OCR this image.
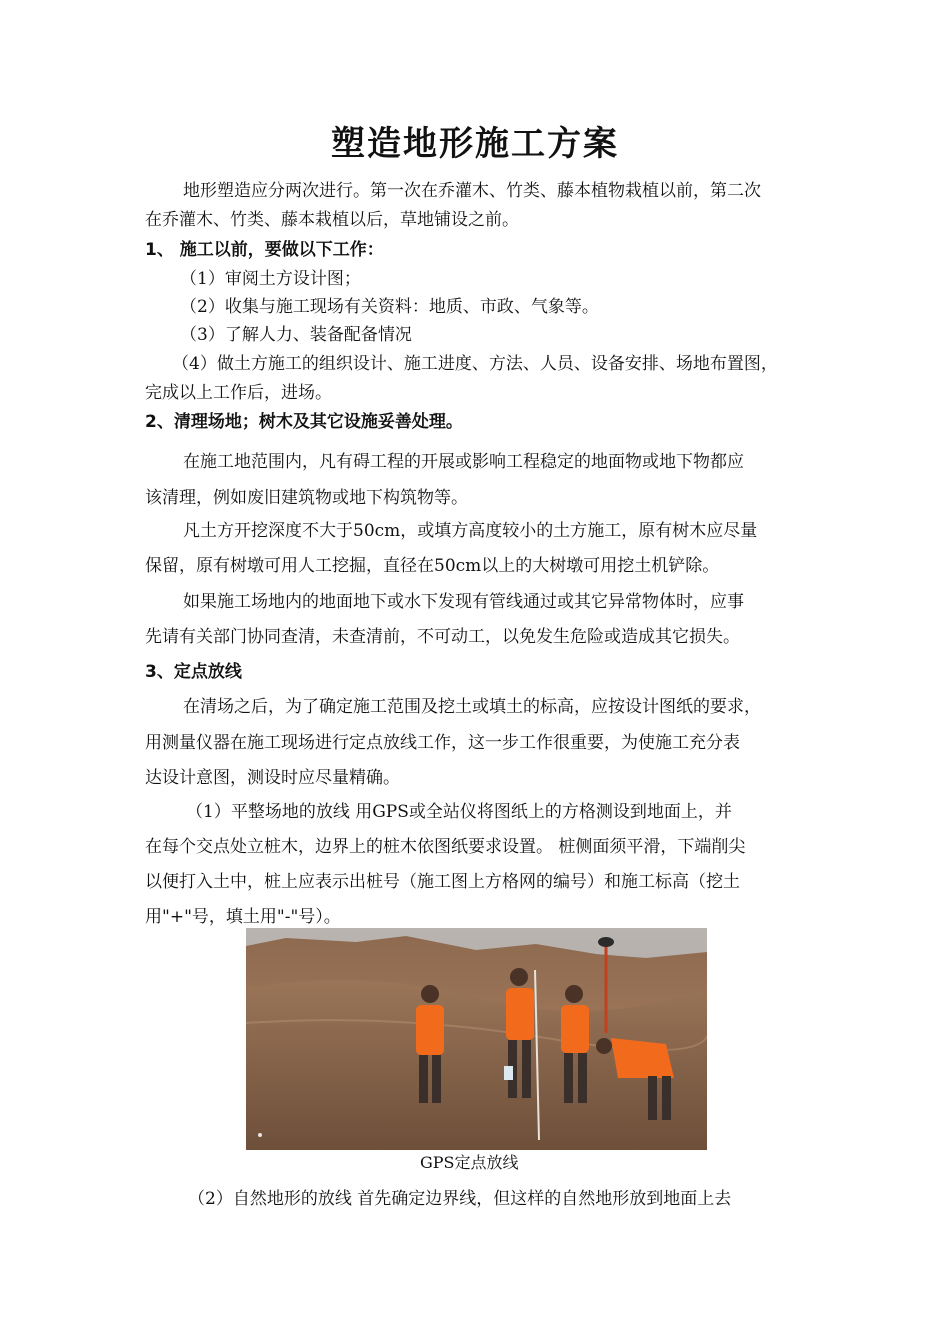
塑造地形施工方案

地形塑造应分两次进行。第一次在乔灌木、竹类、藤本植物栽植以前，第二次

在乔灌木、竹类、藤本栽植以后，草地铺设之前。

1、 施工以前，要做以下工作：

（1）审阅土方设计图；

（2）收集与施工现场有关资料：地质、市政、气象等。

（3）了解人力、装备配备情况

（4）做土方施工的组织设计、施工进度、方法、人员、设备安排、场地布置图，

完成以上工作后，进场。

2、清理场地；树木及其它设施妥善处理。

在施工地范围内，凡有碍工程的开展或影响工程稳定的地面物或地下物都应

该清理，例如废旧建筑物或地下构筑物等。

凡土方开挖深度不大于50cm，或填方高度较小的土方施工，原有树木应尽量

保留，原有树墩可用人工挖掘，直径在50cm以上的大树墩可用挖土机铲除。

如果施工场地内的地面地下或水下发现有管线通过或其它异常物体时，应事

先请有关部门协同查清，未查清前，不可动工，以免发生危险或造成其它损失。

3、定点放线

在清场之后，为了确定施工范围及挖土或填土的标高，应按设计图纸的要求，

用测量仪器在施工现场进行定点放线工作，这一步工作很重要，为使施工充分表

达设计意图，测设时应尽量精确。

（1）平整场地的放线 用GPS或全站仪将图纸上的方格测设到地面上，并

在每个交点处立桩木，边界上的桩木依图纸要求设置。 桩侧面须平滑，下端削尖

以便打入土中，桩上应表示出桩号（施工图上方格网的编号）和施工标高（挖土

用"+"号，填土用"-"号）。

GPS定点放线

（2）自然地形的放线 首先确定边界线，但这样的自然地形放到地面上去
